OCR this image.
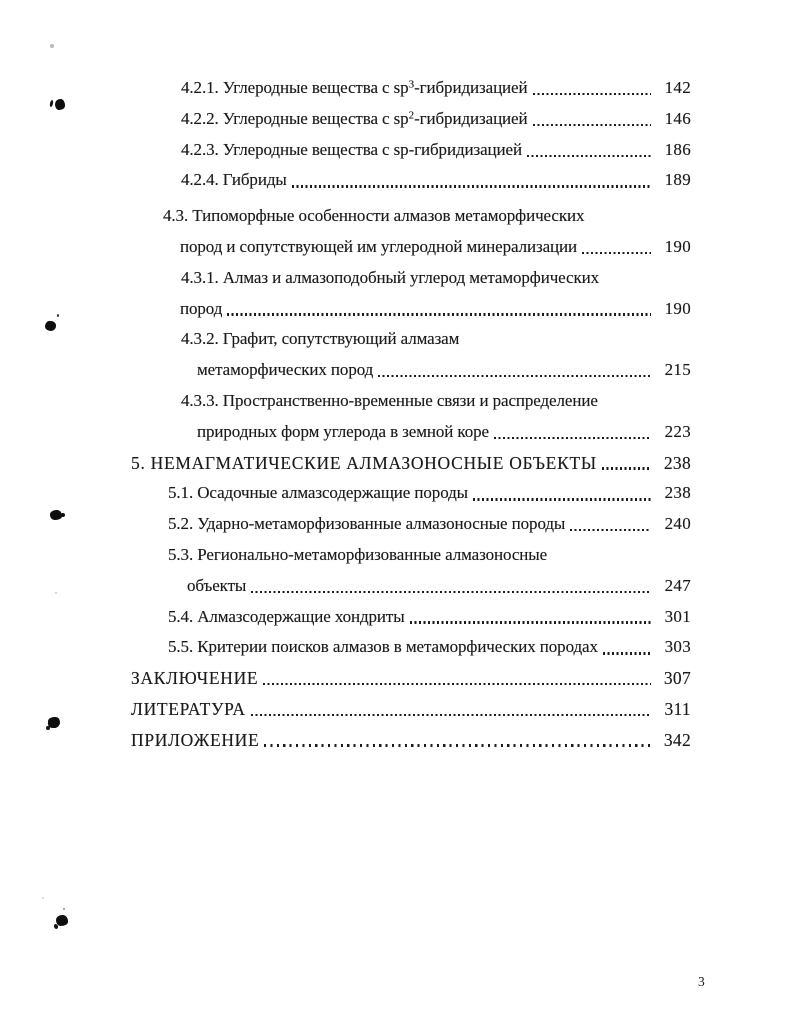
4.2.1. Углеродные вещества с $sp^3$-гибридизацией	142
4.2.2. Углеродные вещества с $sp^2$-гибридизацией	146
4.2.3. Углеродные вещества с sp-гибридизацией	186
4.2.4. Гибриды	189
4.3. Типоморфные особенности алмазов метаморфических
пород и сопутствующей им углеродной минерализации	190
4.3.1. Алмаз и алмазоподобный углерод метаморфических
пород	190
4.3.2. Графит, сопутствующий алмазам
метаморфических пород	215
4.3.3. Пространственно-временные связи и распределение
природных форм углерода в земной коре	223
5. НЕМАГМАТИЧЕСКИЕ АЛМАЗОНОСНЫЕ ОБЪЕКТЫ	238
5.1. Осадочные алмазсодержащие породы	238
5.2. Ударно-метаморфизованные алмазоносные породы	240
5.3. Регионально-метаморфизованные алмазоносные
объекты	247
5.4. Алмазсодержащие хондриты	301
5.5. Критерии поисков алмазов в метаморфических породах	303
ЗАКЛЮЧЕНИЕ	307
ЛИТЕРАТУРА	311
ПРИЛОЖЕНИЕ	342
3
